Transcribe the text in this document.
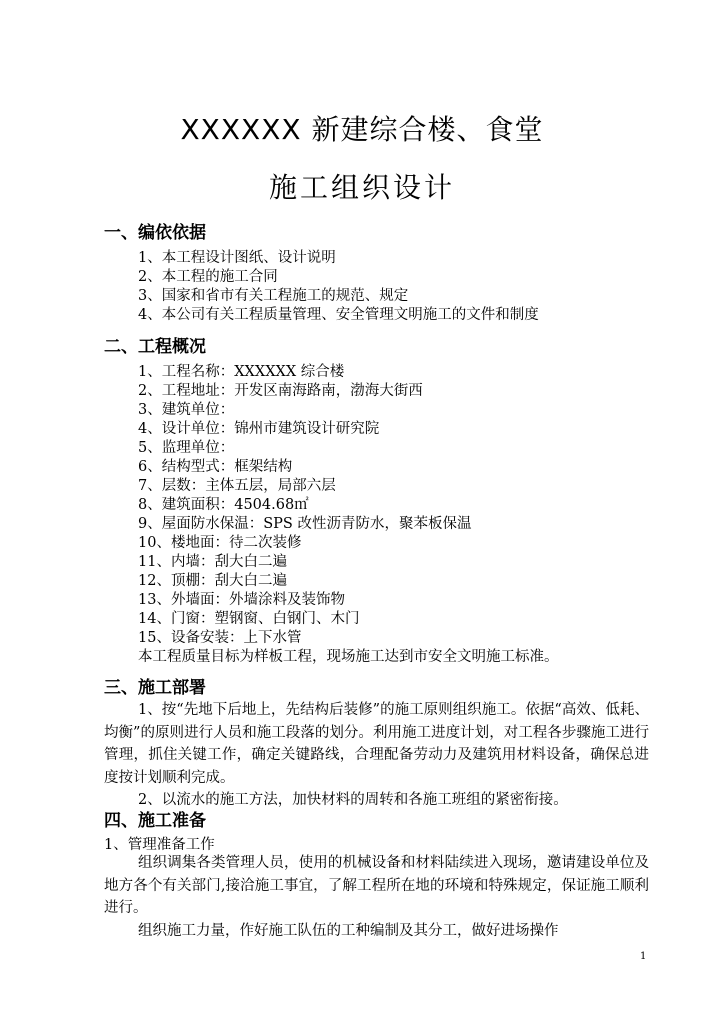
XXXXXX 新建综合楼、食堂
施工组织设计
一、编依依据
1、本工程设计图纸、设计说明
2、本工程的施工合同
3、国家和省市有关工程施工的规范、规定
4、本公司有关工程质量管理、安全管理文明施工的文件和制度
二、工程概况
1、工程名称：XXXXXX 综合楼
2、工程地址：开发区南海路南，渤海大街西
3、建筑单位：
4、设计单位：锦州市建筑设计研究院
5、监理单位：
6、结构型式：框架结构
7、层数：主体五层，局部六层
8、建筑面积：4504.68㎡
9、屋面防水保温：SPS 改性沥青防水，聚苯板保温
10、楼地面：待二次装修
11、内墙：刮大白二遍
12、顶棚：刮大白二遍
13、外墙面：外墙涂料及装饰物
14、门窗：塑钢窗、白钢门、木门
15、设备安装：上下水管
本工程质量目标为样板工程，现场施工达到市安全文明施工标准。
三、施工部署

1、按“先地下后地上，先结构后装修”的施工原则组织施工。依据“高效、低耗、均衡”的原则进行人员和施工段落的划分。利用施工进度计划，对工程各步骤施工进行管理，抓住关键工作，确定关键路线，合理配备劳动力及建筑用材料设备，确保总进度按计划顺利完成。

2、以流水的施工方法，加快材料的周转和各施工班组的紧密衔接。

四、施工准备
1、管理准备工作

组织调集各类管理人员，使用的机械设备和材料陆续进入现场，邀请建设单位及地方各个有关部门,接洽施工事宜，了解工程所在地的环境和特殊规定，保证施工顺利进行。

组织施工力量，作好施工队伍的工种编制及其分工，做好进场操作

1
